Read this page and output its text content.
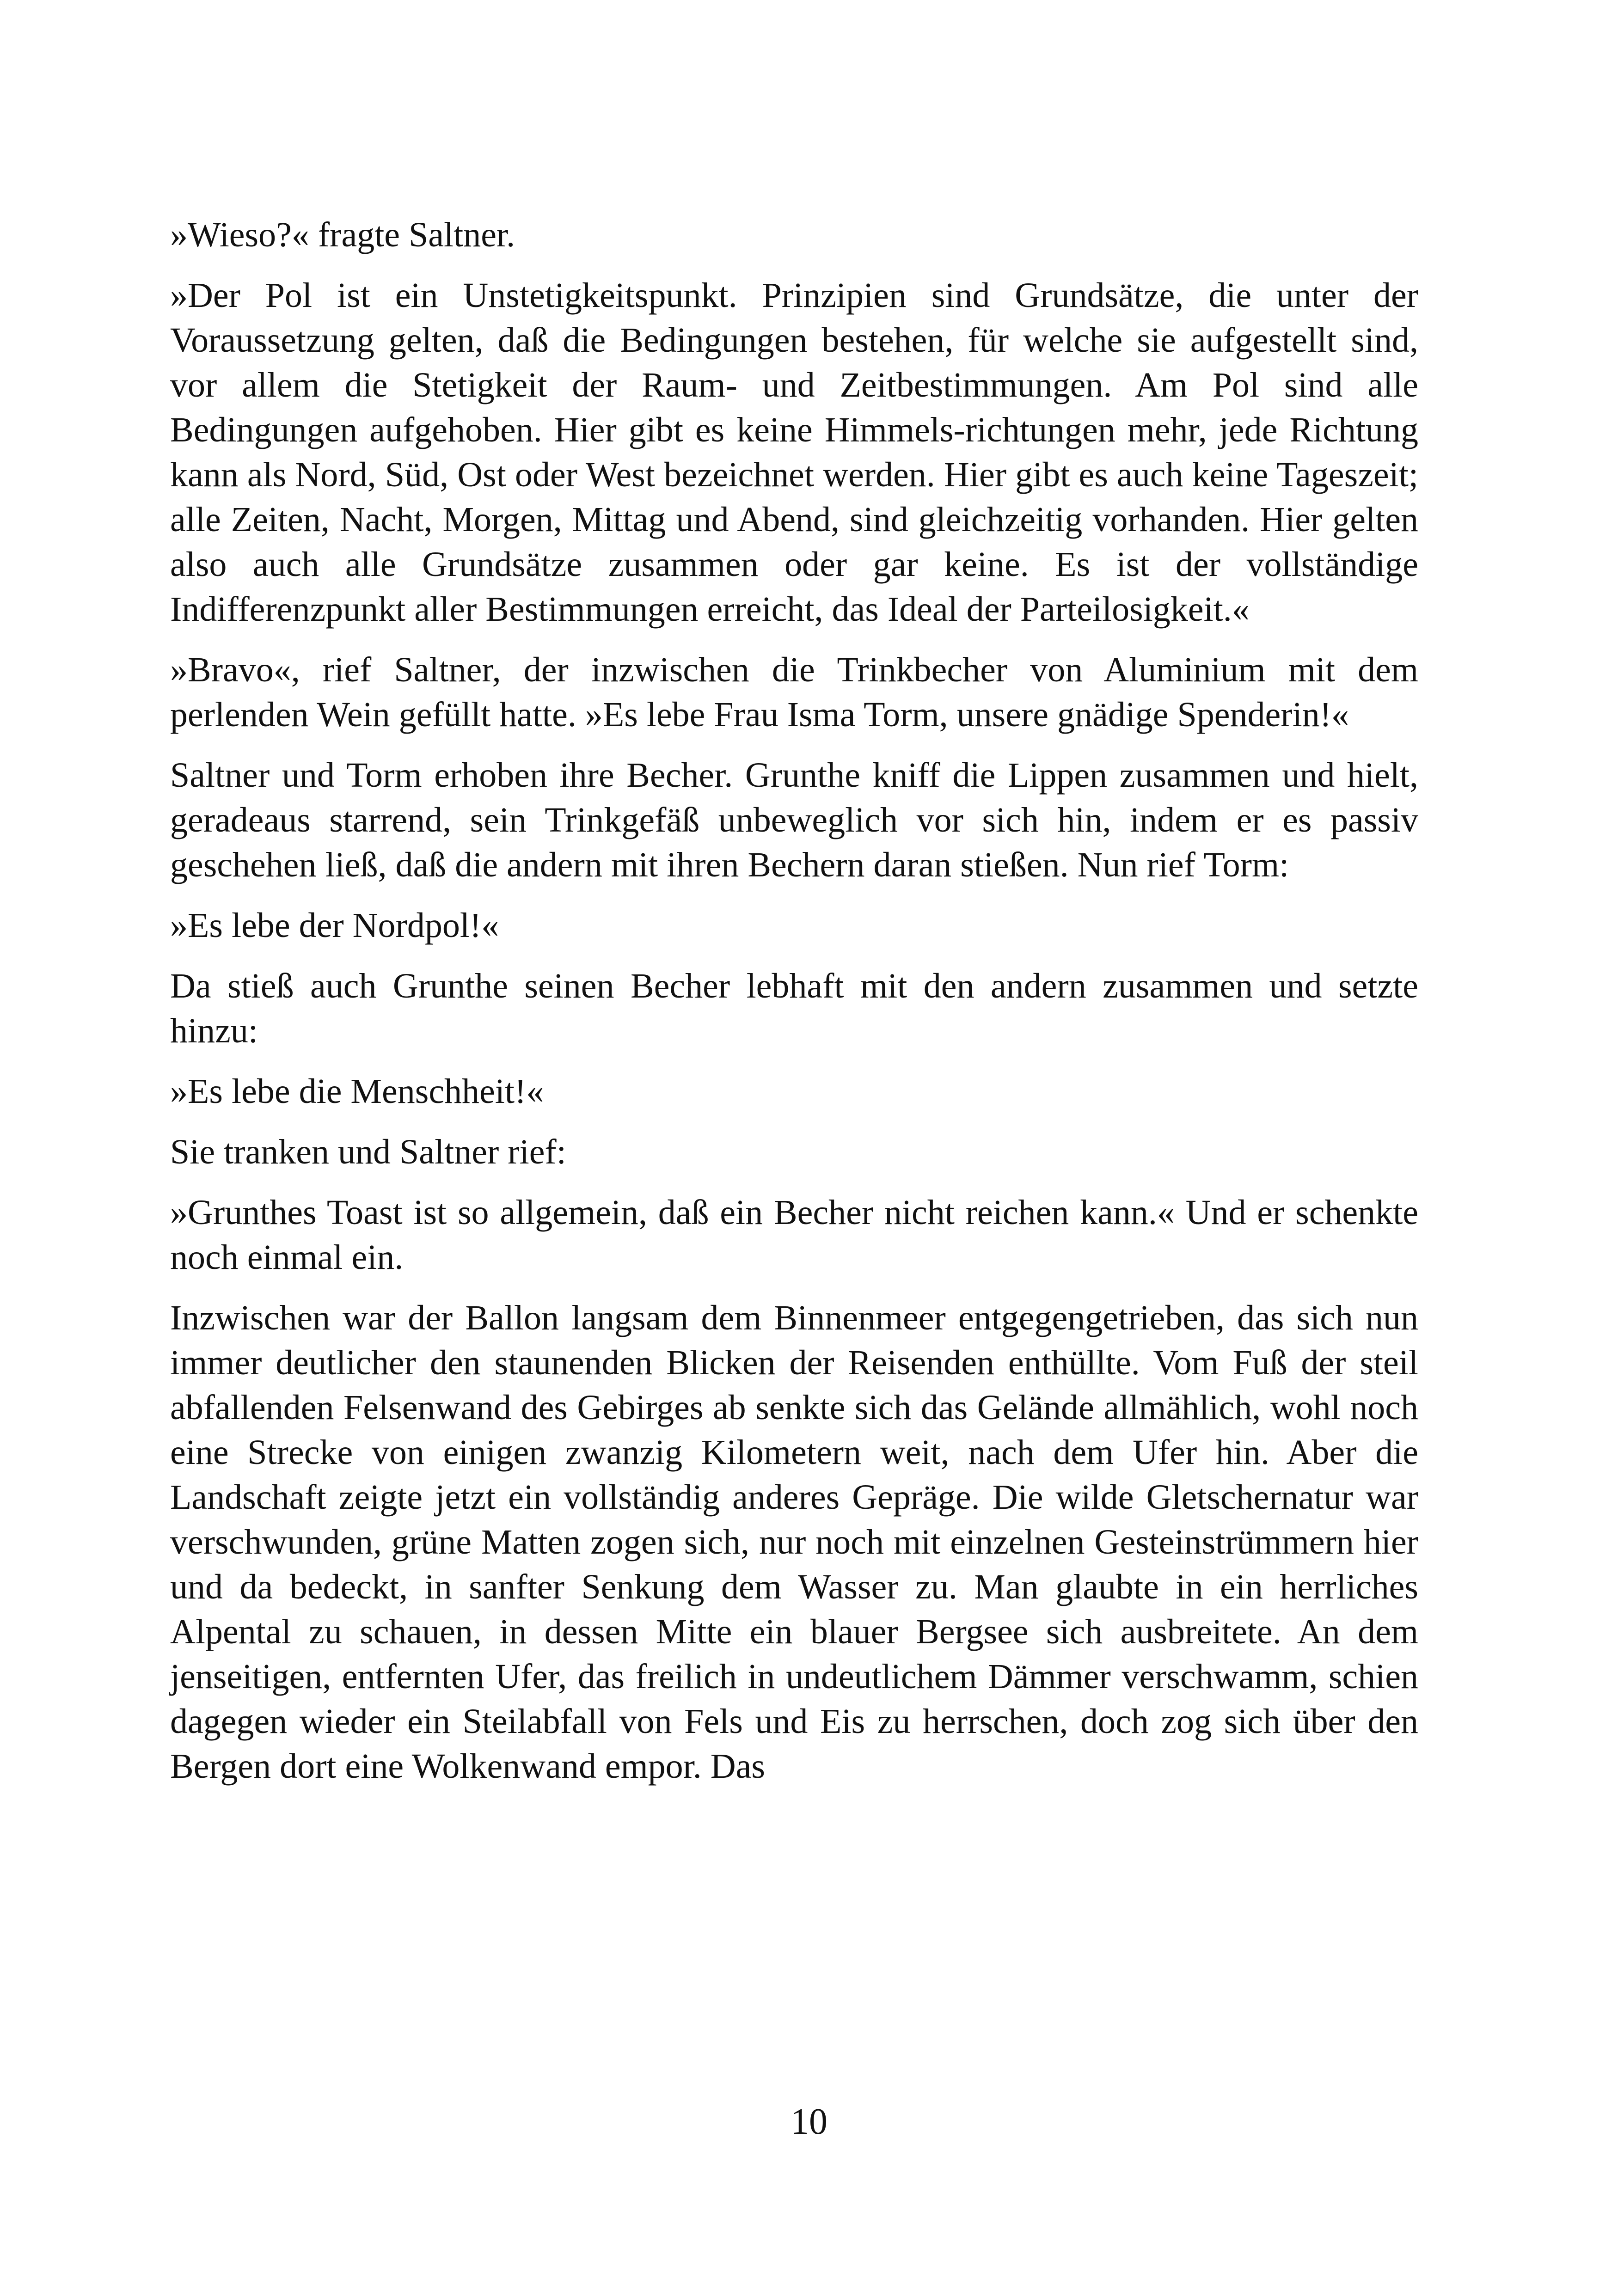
»Wieso?« fragte Saltner.

»Der Pol ist ein Unstetigkeitspunkt. Prinzipien sind Grundsätze, die unter der Voraussetzung gelten, daß die Bedingungen bestehen, für welche sie aufgestellt sind, vor allem die Stetigkeit der Raum- und Zeitbestimmungen. Am Pol sind alle Bedingungen aufgehoben. Hier gibt es keine Himmels-richtungen mehr, jede Richtung kann als Nord, Süd, Ost oder West bezeichnet werden. Hier gibt es auch keine Tageszeit; alle Zeiten, Nacht, Morgen, Mittag und Abend, sind gleichzeitig vorhanden. Hier gelten also auch alle Grundsätze zusammen oder gar keine. Es ist der vollständige Indifferenzpunkt aller Bestimmungen erreicht, das Ideal der Parteilosigkeit.«

»Bravo«, rief Saltner, der inzwischen die Trinkbecher von Aluminium mit dem perlenden Wein gefüllt hatte. »Es lebe Frau Isma Torm, unsere gnädige Spenderin!«

Saltner und Torm erhoben ihre Becher. Grunthe kniff die Lippen zusammen und hielt, geradeaus starrend, sein Trinkgefäß unbeweglich vor sich hin, indem er es passiv geschehen ließ, daß die andern mit ihren Bechern daran stießen. Nun rief Torm:

»Es lebe der Nordpol!«

Da stieß auch Grunthe seinen Becher lebhaft mit den andern zusammen und setzte hinzu:

»Es lebe die Menschheit!«

Sie tranken und Saltner rief:

»Grunthes Toast ist so allgemein, daß ein Becher nicht reichen kann.« Und er schenkte noch einmal ein.

Inzwischen war der Ballon langsam dem Binnenmeer entgegengetrieben, das sich nun immer deutlicher den staunenden Blicken der Reisenden enthüllte. Vom Fuß der steil abfallenden Felsenwand des Gebirges ab senkte sich das Gelände allmählich, wohl noch eine Strecke von einigen zwanzig Kilometern weit, nach dem Ufer hin. Aber die Landschaft zeigte jetzt ein vollständig anderes Gepräge. Die wilde Gletschernatur war verschwunden, grüne Matten zogen sich, nur noch mit einzelnen Gesteinstrümmern hier und da bedeckt, in sanfter Senkung dem Wasser zu. Man glaubte in ein herrliches Alpental zu schauen, in dessen Mitte ein blauer Bergsee sich ausbreitete. An dem jenseitigen, entfernten Ufer, das freilich in undeutlichem Dämmer verschwamm, schien dagegen wieder ein Steilabfall von Fels und Eis zu herrschen, doch zog sich über den Bergen dort eine Wolkenwand empor. Das

10
